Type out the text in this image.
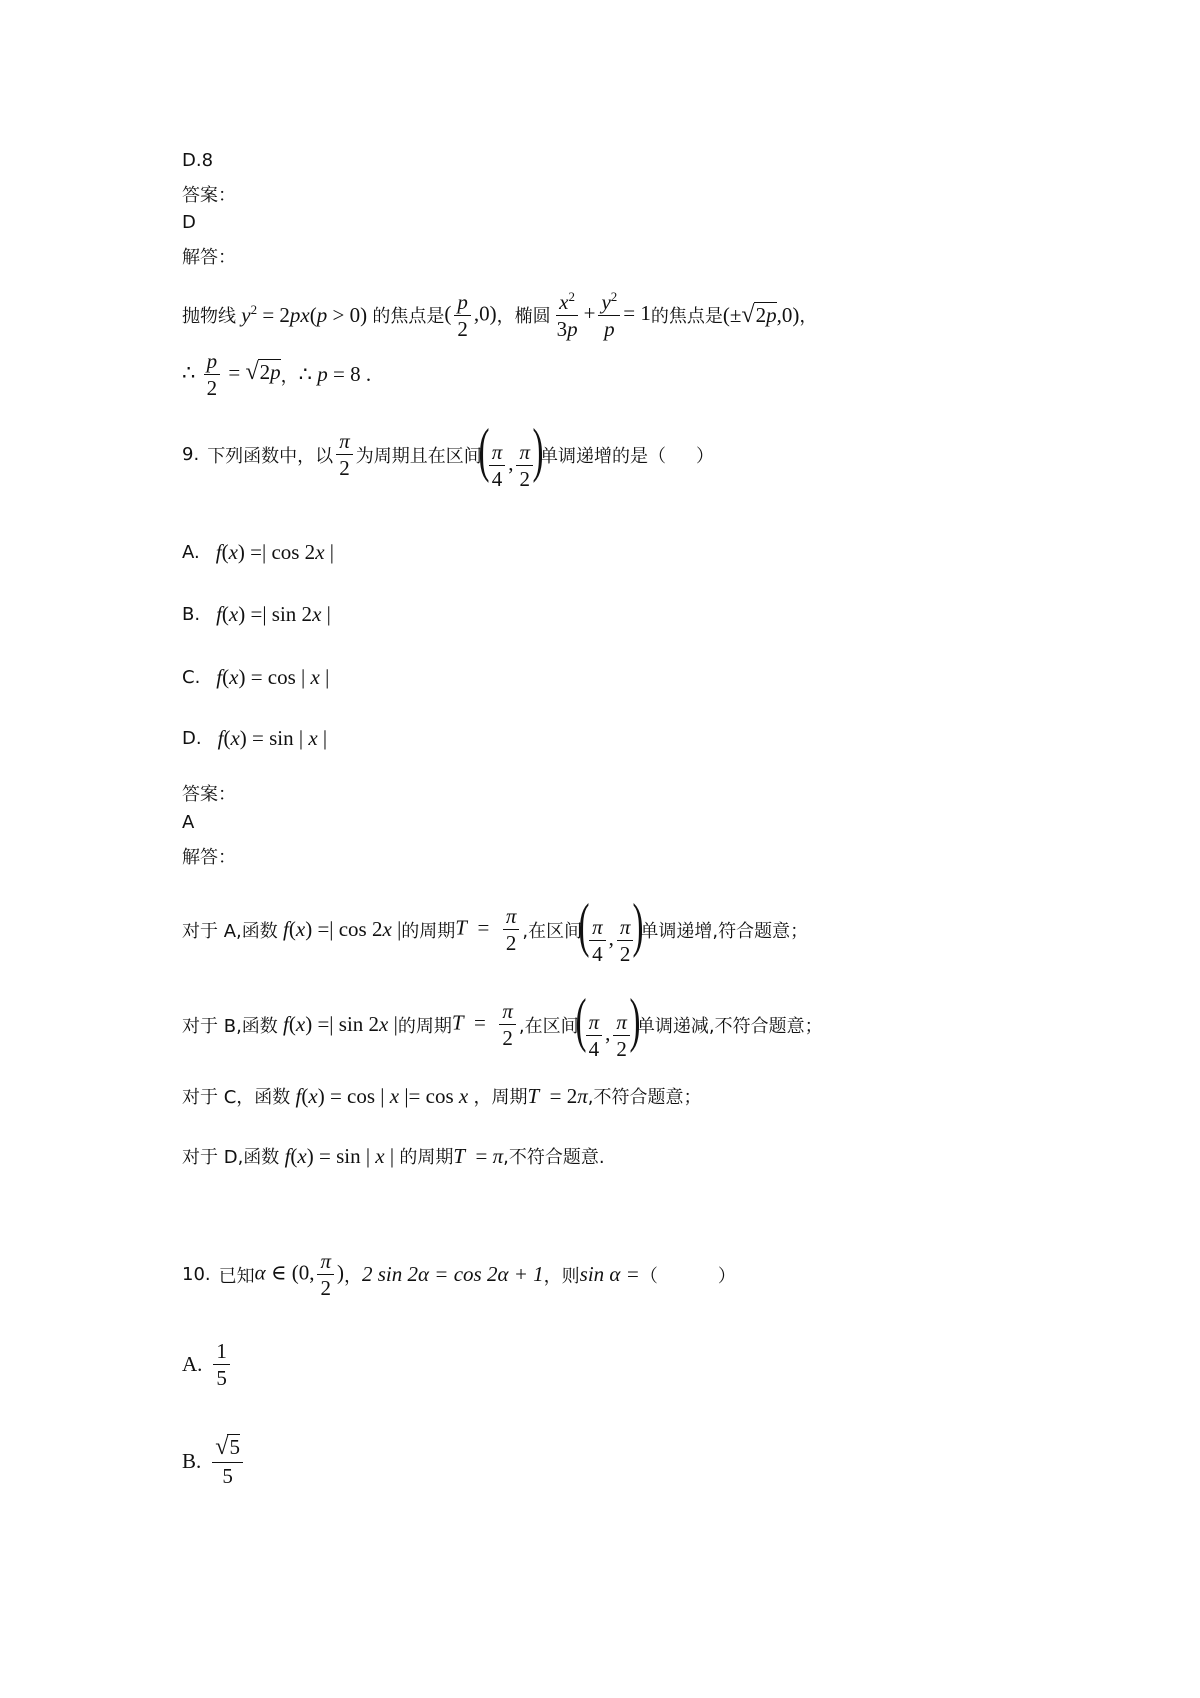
D.8
答案：
D
解答：
抛物线 $y^2 = 2px(p > 0)$ 的焦点是 ( $\frac{p}{2} ,0$) ，椭圆 $\frac{x^2}{3p} + \frac{y^2}{p} = 1$ 的焦点是 (±√2p,0) ，
∴ $\frac{p}{2} = √2p$ ， ∴ p = 8 .
9. 下列函数中，以 $\frac{\pi}{2}$ 为周期且在区间
( $\frac{\pi}{4}$ , $\frac{\pi}{2}$ )
单调递增的是（ ）
A. f(x) =| cos 2x |
B. f(x) =| sin 2x |
C. f(x) = cos | x |
D. f(x) = sin | x |
答案：
A
解答：
对于 A,函数 f(x) =| cos 2x | 的周期 $T = \frac{\pi}{2}$ ,在区间
( $\frac{\pi}{4}$ , $\frac{\pi}{2}$ )
单调递增,符合题意；
对于 B,函数 f(x) =| sin 2x | 的周期 $T = \frac{\pi}{2}$ ,在区间
( $\frac{\pi}{4}$ , $\frac{\pi}{2}$ )
单调递减,不符合题意；
对于 C，函数 f(x) = cos | x |= cos x ，周期 T = 2π ,不符合题意；
对于 D,函数 f(x) = sin | x | 的周期 T = π ,不符合题意.
10. 已知 α ∈ (0, $\frac{\pi}{2}$ ) ， 2 sin 2α = cos 2α + 1 ，则 sin α = （	）
A. $\frac{1}{5}$
B. $\frac{√5}{5}$
